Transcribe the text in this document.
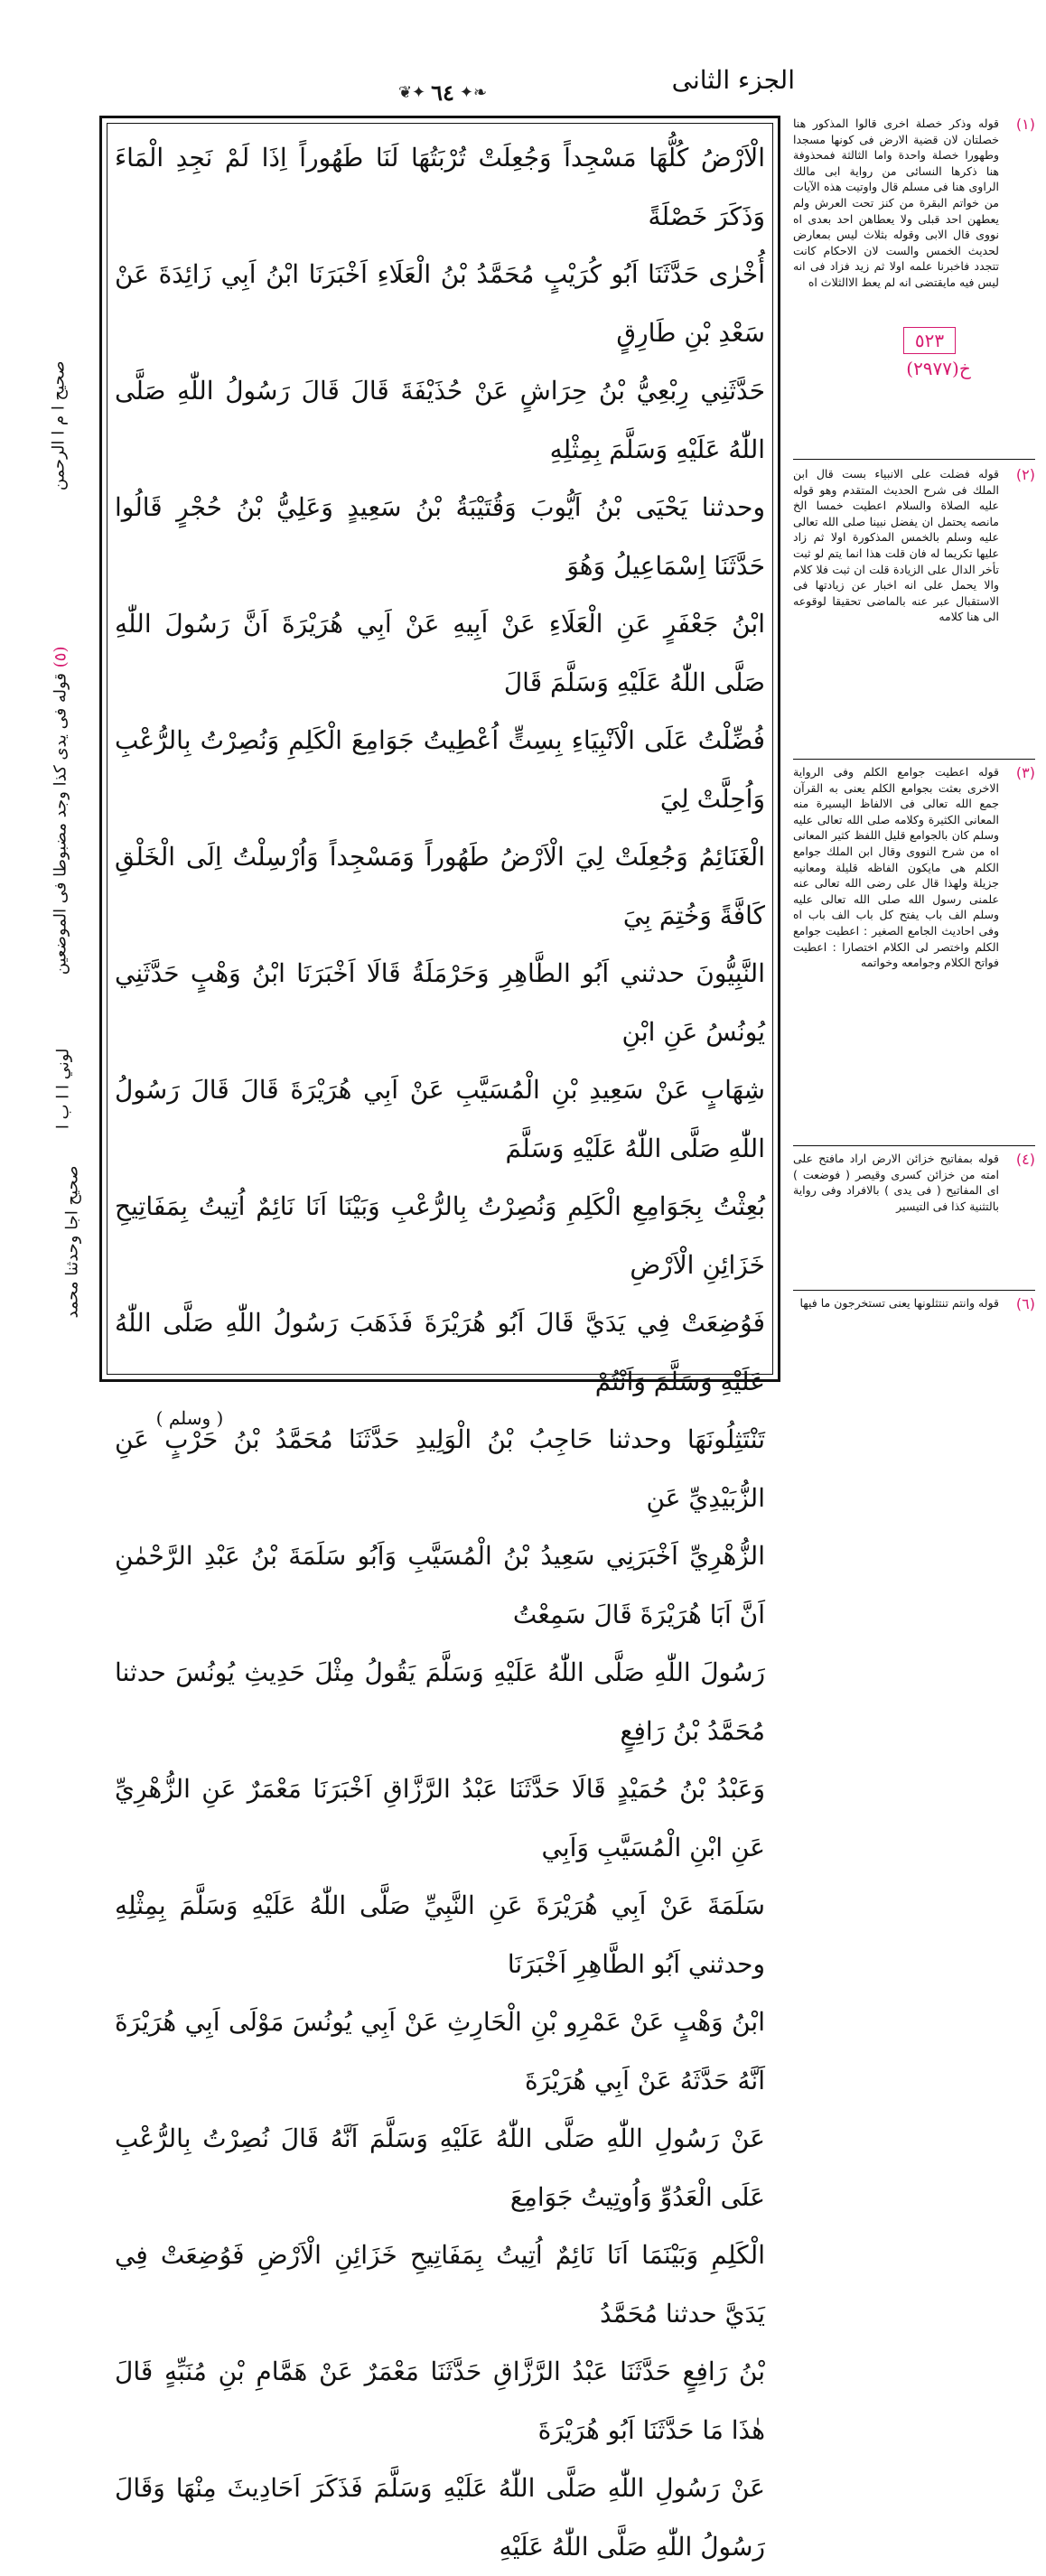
الجزء الثانی
❦✦ ٦٤ ✦❧
الْاَرْضُ كُلُّهَا مَسْجِداً وَجُعِلَتْ تُرْبَتُهَا لَنَا طَهُوراً اِذَا لَمْ نَجِدِ الْمَاءَ وَذَكَرَ خَصْلَةً
أُخْرٰى حَدَّثَنَا اَبُو كُرَيْبٍ مُحَمَّدُ بْنُ الْعَلَاءِ اَخْبَرَنَا ابْنُ اَبِي زَائِدَةَ عَنْ سَعْدِ بْنِ طَارِقٍ
حَدَّثَنِي رِبْعِيُّ بْنُ حِرَاشٍ عَنْ حُذَيْفَةَ قَالَ قَالَ رَسُولُ اللّٰهِ صَلَّى اللّٰهُ عَلَيْهِ وَسَلَّمَ بِمِثْلِهِ
وحدثنا يَحْيَى بْنُ اَيُّوبَ وَقُتَيْبَةُ بْنُ سَعِيدٍ وَعَلِيُّ بْنُ حُجْرٍ قَالُوا حَدَّثَنَا اِسْمَاعِيلُ وَهُوَ
ابْنُ جَعْفَرٍ عَنِ الْعَلَاءِ عَنْ اَبِيهِ عَنْ اَبِي هُرَيْرَةَ اَنَّ رَسُولَ اللّٰهِ صَلَّى اللّٰهُ عَلَيْهِ وَسَلَّمَ قَالَ
فُضِّلْتُ عَلَى الْاَنْبِيَاءِ بِسِتٍّ اُعْطِيتُ جَوَامِعَ الْكَلِمِ وَنُصِرْتُ بِالرُّعْبِ وَاُحِلَّتْ لِيَ
الْغَنَائِمُ وَجُعِلَتْ لِيَ الْاَرْضُ طَهُوراً وَمَسْجِداً وَاُرْسِلْتُ اِلَى الْخَلْقِ كَافَّةً وَخُتِمَ بِيَ
النَّبِيُّونَ حدثني اَبُو الطَّاهِرِ وَحَرْمَلَةُ قَالَا اَخْبَرَنَا ابْنُ وَهْبٍ حَدَّثَنِي يُونُسُ عَنِ ابْنِ
شِهَابٍ عَنْ سَعِيدِ بْنِ الْمُسَيَّبِ عَنْ اَبِي هُرَيْرَةَ قَالَ قَالَ رَسُولُ اللّٰهِ صَلَّى اللّٰهُ عَلَيْهِ وَسَلَّمَ
بُعِثْتُ بِجَوَامِعِ الْكَلِمِ وَنُصِرْتُ بِالرُّعْبِ وَبَيْنَا اَنَا نَائِمٌ اُتِيتُ بِمَفَاتِيحِ خَزَائِنِ الْاَرْضِ
فَوُضِعَتْ فِي يَدَيَّ قَالَ اَبُو هُرَيْرَةَ فَذَهَبَ رَسُولُ اللّٰهِ صَلَّى اللّٰهُ عَلَيْهِ وَسَلَّمَ وَاَنْتُمْ
تَنْتَثِلُونَهَا وحدثنا حَاجِبُ بْنُ الْوَلِيدِ حَدَّثَنَا مُحَمَّدُ بْنُ حَرْبٍ عَنِ الزُّبَيْدِيِّ عَنِ
الزُّهْرِيِّ اَخْبَرَنِي سَعِيدُ بْنُ الْمُسَيَّبِ وَاَبُو سَلَمَةَ بْنُ عَبْدِ الرَّحْمٰنِ اَنَّ اَبَا هُرَيْرَةَ قَالَ سَمِعْتُ
رَسُولَ اللّٰهِ صَلَّى اللّٰهُ عَلَيْهِ وَسَلَّمَ يَقُولُ مِثْلَ حَدِيثِ يُونُسَ حدثنا مُحَمَّدُ بْنُ رَافِعٍ
وَعَبْدُ بْنُ حُمَيْدٍ قَالَا حَدَّثَنَا عَبْدُ الرَّزَّاقِ اَخْبَرَنَا مَعْمَرٌ عَنِ الزُّهْرِيِّ عَنِ ابْنِ الْمُسَيَّبِ وَاَبِي
سَلَمَةَ عَنْ اَبِي هُرَيْرَةَ عَنِ النَّبِيِّ صَلَّى اللّٰهُ عَلَيْهِ وَسَلَّمَ بِمِثْلِهِ وحدثني اَبُو الطَّاهِرِ اَخْبَرَنَا
ابْنُ وَهْبٍ عَنْ عَمْرِو بْنِ الْحَارِثِ عَنْ اَبِي يُونُسَ مَوْلَى اَبِي هُرَيْرَةَ اَنَّهُ حَدَّثَهُ عَنْ اَبِي هُرَيْرَةَ
عَنْ رَسُولِ اللّٰهِ صَلَّى اللّٰهُ عَلَيْهِ وَسَلَّمَ اَنَّهُ قَالَ نُصِرْتُ بِالرُّعْبِ عَلَى الْعَدُوِّ وَاُوتِيتُ جَوَامِعَ
الْكَلِمِ وَبَيْنَمَا اَنَا نَائِمٌ اُتِيتُ بِمَفَاتِيحِ خَزَائِنِ الْاَرْضِ فَوُضِعَتْ فِي يَدَيَّ حدثنا مُحَمَّدُ
بْنُ رَافِعٍ حَدَّثَنَا عَبْدُ الرَّزَّاقِ حَدَّثَنَا مَعْمَرٌ عَنْ هَمَّامِ بْنِ مُنَبِّهٍ قَالَ هٰذَا مَا حَدَّثَنَا اَبُو هُرَيْرَةَ
عَنْ رَسُولِ اللّٰهِ صَلَّى اللّٰهُ عَلَيْهِ وَسَلَّمَ فَذَكَرَ اَحَادِيثَ مِنْهَا وَقَالَ رَسُولُ اللّٰهِ صَلَّى اللّٰهُ عَلَيْهِ
(١)
قوله وذكر خصلة اخرى قالوا المذكور هنا خصلتان لان قضية الارض فی كونها مسجدا وطهورا خصلة واحدة واما الثالثة فمحذوفة هنا ذكرها النسائی من رواية ابی مالك الراوی هنا فی مسلم قال واوتيت هذه الآيات من خواتم البقرة من كنز تحت العرش ولم يعطهن احد قبلی ولا يعطاهن احد بعدی اه نووی قال الابی وقوله بثلاث ليس بمعارض لحديث الخمس والست لان الاحكام كانت تتجدد فاخبرنا علمه اولا ثم زيد فزاد فی انه ليس فيه مايقتضی انه لم يعط الاالثلاث اه
(٢)
قوله فضلت علی الانبياء بست قال ابن الملك فی شرح الحديث المتقدم وهو قوله عليه الصلاة والسلام اعطيت خمسا الخ مانصه يحتمل ان يفضل نبينا صلی الله تعالی عليه وسلم بالخمس المذكورة اولا ثم زاد عليها تكريما له فان قلت هذا انما يتم لو ثبت تأخر الدال علی الزيادة قلت ان ثبت فلا كلام والا يحمل علی انه اخبار عن زيادتها فی الاستقبال عبر عنه بالماضی تحقيقا لوقوعه الی هنا كلامه
(٣)
قوله اعطيت جوامع الكلم وفی الرواية الاخری بعثت بجوامع الكلم يعنی به القرآن جمع الله تعالی فی الالفاظ اليسيرة منه المعانی الكثيرة وكلامه صلی الله تعالی عليه وسلم كان بالجوامع قليل اللفظ كثير المعانی اه من شرح النووی وقال ابن الملك جوامع الكلم هی مايكون الفاظه قليلة ومعانيه جزيلة ولهذا قال علی رضی الله تعالی عنه علمنی رسول الله صلی الله تعالی عليه وسلم الف باب يفتح كل باب الف باب اه وفی احاديث الجامع الصغير : اعطيت جوامع الكلم واختصر لی الكلام اختصارا : اعطيت فواتح الكلام وجوامعه وخواتمه
(٤)
قوله بمفاتيح خزائن الارض اراد مافتح علی امته من خزائن كسری وقيصر ( فوضعت ) ای المفاتيح ( فی يدی ) بالافراد وفی رواية بالتثنية كذا فی التيسير
(٦)
قوله وانتم تنتثلونها يعنی تستخرجون ما فيها
٥٢٣
خ(٢٩٧٧)
صحيح ا م ا الرحمن
(٥) قوله فی يدی كذا وجد مضبوطا فی الموضعين
لوني ا ا ب ا
صحيح اجا وحدثنا محمد
( وسلم )
